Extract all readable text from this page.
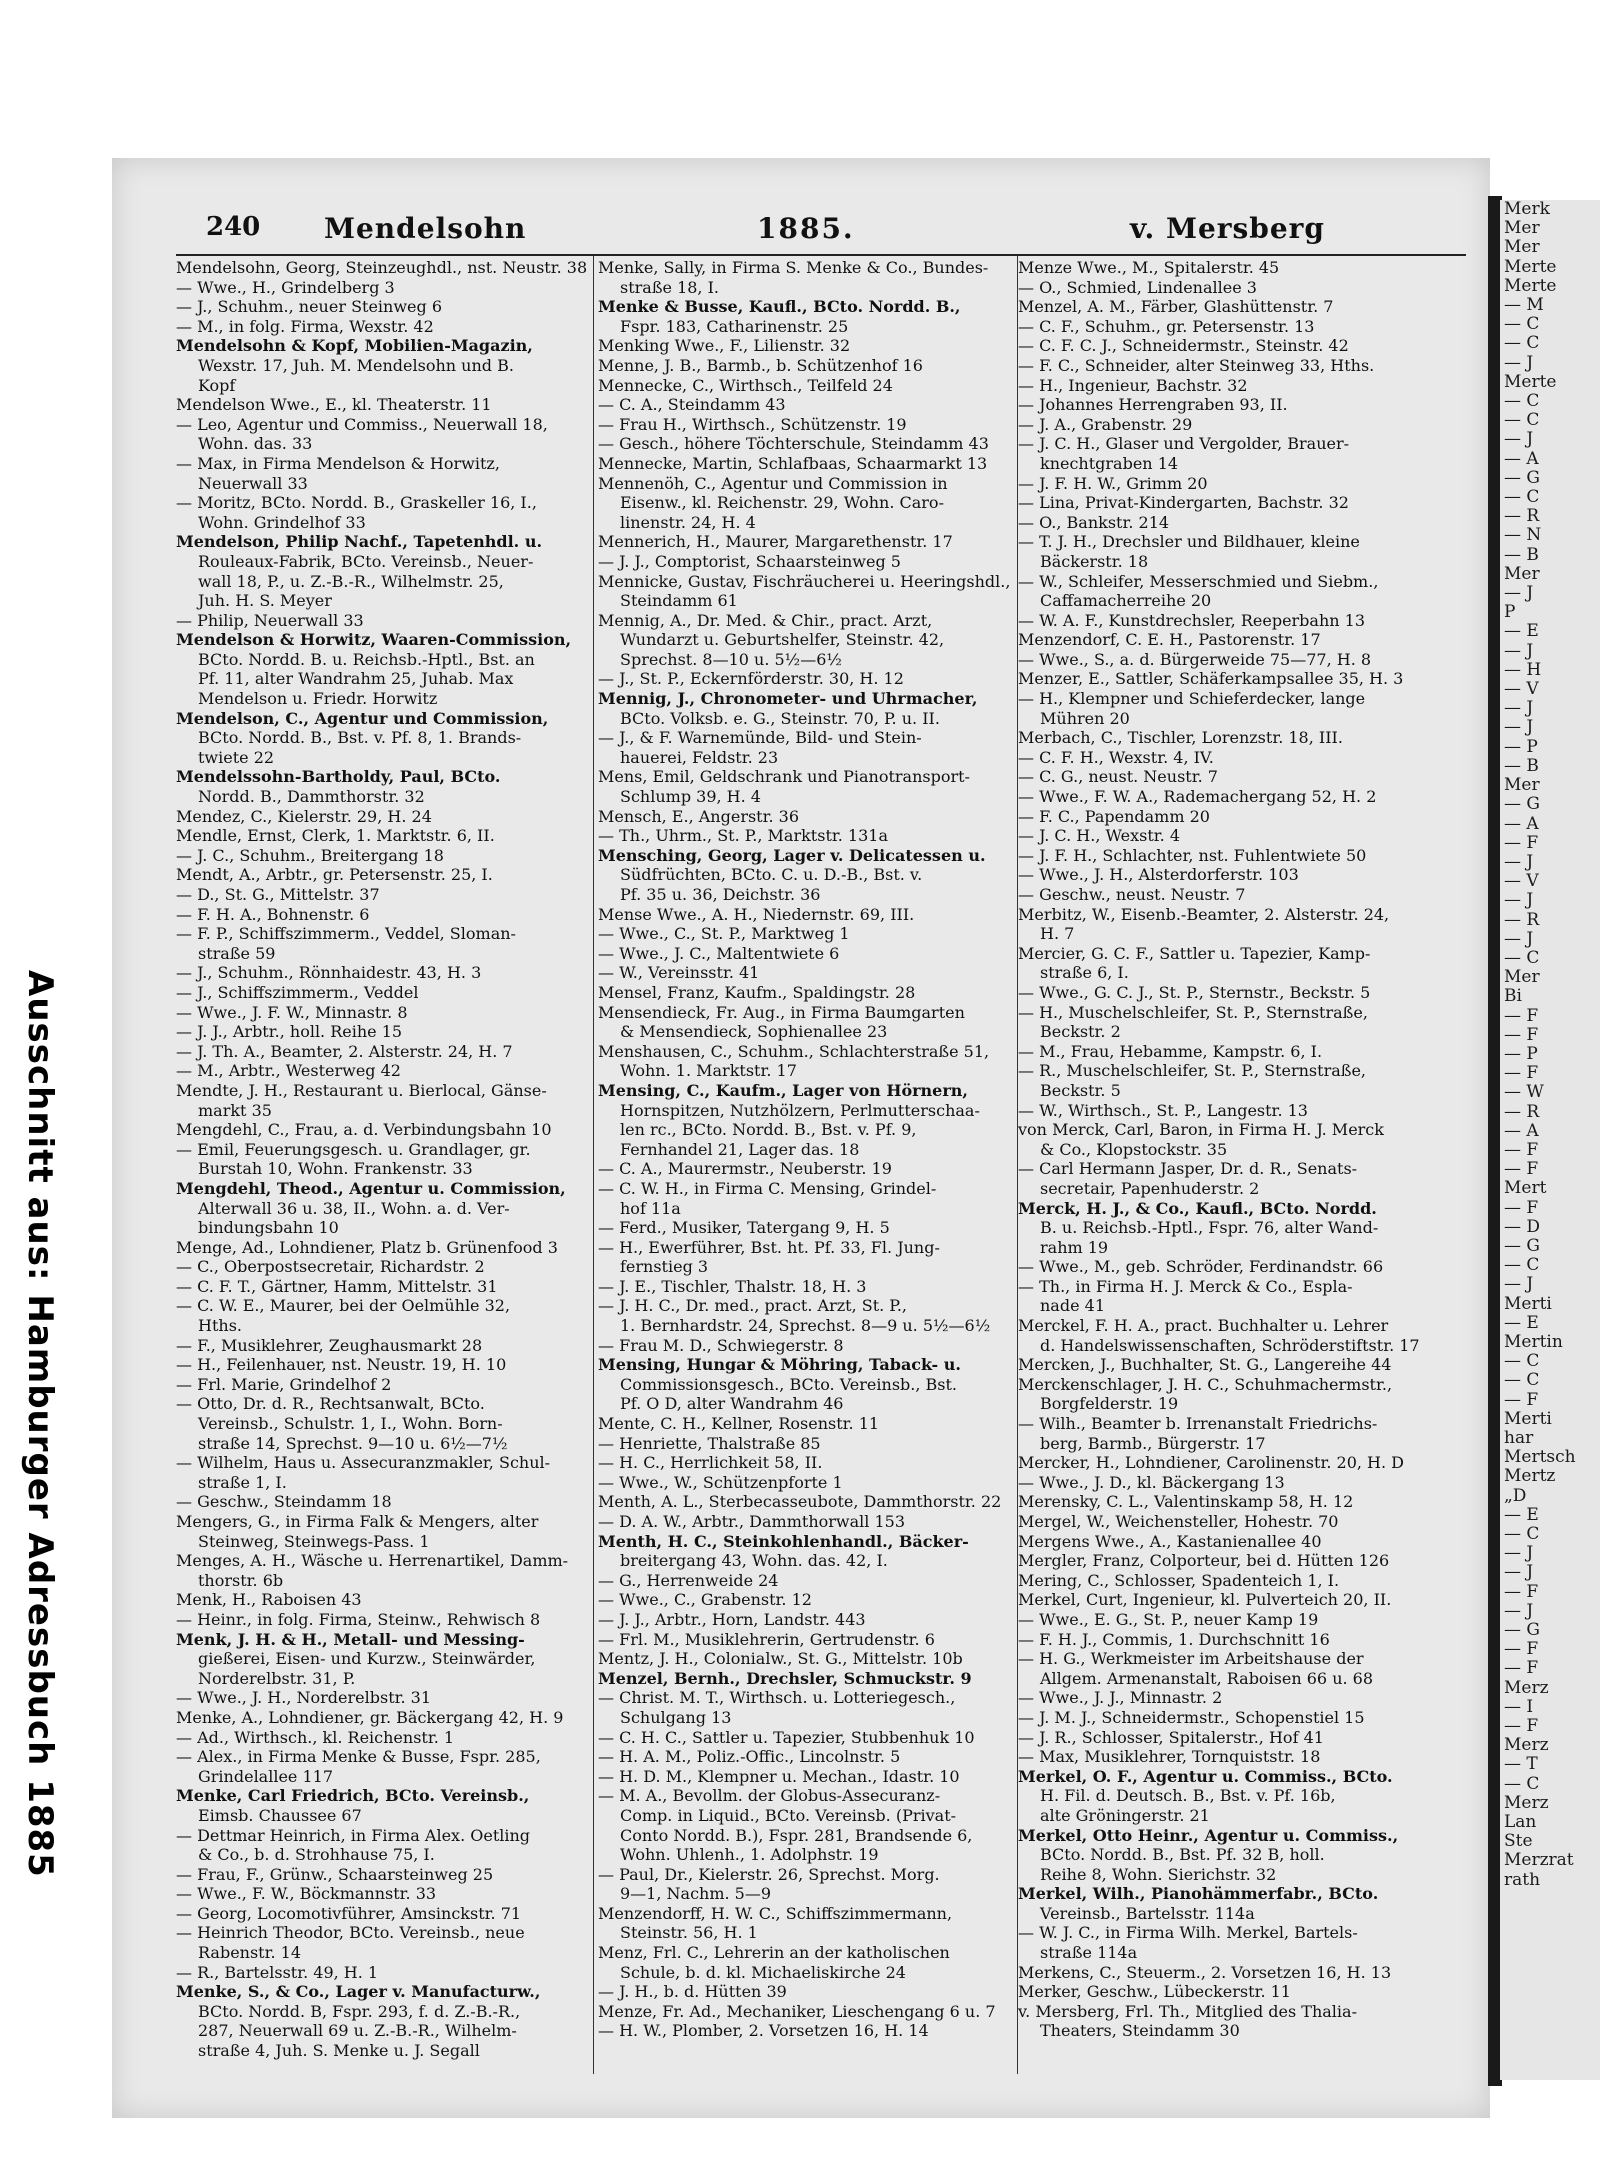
Ausschnitt aus: Hamburger Adressbuch 1885
Merk
Mer
Mer
Merte
Merte
— M
— C
— C
— J
Merte
— C
— C
— J
— A
— G
— C
— R
— N
— B
Mer
— J
P
— E
— J
— H
— V
— J
— J
— P
— B
Mer
— G
— A
— F
— J
— V
— J
— R
— J
— C
Mer
Bi
— F
— F
— P
— F
— W
— R
— A
— F
— F
Mert
— F
— D
— G
— C
— J
Merti
— E
Mertin
— C
— C
— F
Merti
har
Mertsch
Mertz
„D
— E
— C
— J
— J
— F
— J
— G
— F
— F
Merz
— I
— F
Merz
— T
— C
Merz
Lan
Ste
Merzrat
rath
240 Mendelsohn	1885.	v. Mersberg
Mendelsohn, Georg, Steinzeughdl., nst. Neustr. 38
— Wwe., H., Grindelberg 3
— J., Schuhm., neuer Steinweg 6
— M., in folg. Firma, Wexstr. 42
Mendelsohn & Kopf, Mobilien-Magazin,
Wexstr. 17, Juh. M. Mendelsohn und B.
Kopf
Mendelson Wwe., E., kl. Theaterstr. 11
— Leo, Agentur und Commiss., Neuerwall 18,
Wohn. das. 33
— Max, in Firma Mendelson & Horwitz,
Neuerwall 33
— Moritz, BCto. Nordd. B., Graskeller 16, I.,
Wohn. Grindelhof 33
Mendelson, Philip Nachf., Tapetenhdl. u.
Rouleaux-Fabrik, BCto. Vereinsb., Neuer-
wall 18, P., u. Z.-B.-R., Wilhelmstr. 25,
Juh. H. S. Meyer
— Philip, Neuerwall 33
Mendelson & Horwitz, Waaren-Commission,
BCto. Nordd. B. u. Reichsb.-Hptl., Bst. an
Pf. 11, alter Wandrahm 25, Juhab. Max
Mendelson u. Friedr. Horwitz
Mendelson, C., Agentur und Commission,
BCto. Nordd. B., Bst. v. Pf. 8, 1. Brands-
twiete 22
Mendelssohn-Bartholdy, Paul, BCto.
Nordd. B., Dammthorstr. 32
Mendez, C., Kielerstr. 29, H. 24
Mendle, Ernst, Clerk, 1. Marktstr. 6, II.
— J. C., Schuhm., Breitergang 18
Mendt, A., Arbtr., gr. Petersenstr. 25, I.
— D., St. G., Mittelstr. 37
— F. H. A., Bohnenstr. 6
— F. P., Schiffszimmerm., Veddel, Sloman-
straße 59
— J., Schuhm., Rönnhaidestr. 43, H. 3
— J., Schiffszimmerm., Veddel
— Wwe., J. F. W., Minnastr. 8
— J. J., Arbtr., holl. Reihe 15
— J. Th. A., Beamter, 2. Alsterstr. 24, H. 7
— M., Arbtr., Westerweg 42
Mendte, J. H., Restaurant u. Bierlocal, Gänse-
markt 35
Mengdehl, C., Frau, a. d. Verbindungsbahn 10
— Emil, Feuerungsgesch. u. Grandlager, gr.
Burstah 10, Wohn. Frankenstr. 33
Mengdehl, Theod., Agentur u. Commission,
Alterwall 36 u. 38, II., Wohn. a. d. Ver-
bindungsbahn 10
Menge, Ad., Lohndiener, Platz b. Grünenfood 3
— C., Oberpostsecretair, Richardstr. 2
— C. F. T., Gärtner, Hamm, Mittelstr. 31
— C. W. E., Maurer, bei der Oelmühle 32,
Hths.
— F., Musiklehrer, Zeughausmarkt 28
— H., Feilenhauer, nst. Neustr. 19, H. 10
— Frl. Marie, Grindelhof 2
— Otto, Dr. d. R., Rechtsanwalt, BCto.
Vereinsb., Schulstr. 1, I., Wohn. Born-
straße 14, Sprechst. 9—10 u. 6½—7½
— Wilhelm, Haus u. Assecuranzmakler, Schul-
straße 1, I.
— Geschw., Steindamm 18
Mengers, G., in Firma Falk & Mengers, alter
Steinweg, Steinwegs-Pass. 1
Menges, A. H., Wäsche u. Herrenartikel, Damm-
thorstr. 6b
Menk, H., Raboisen 43
— Heinr., in folg. Firma, Steinw., Rehwisch 8
Menk, J. H. & H., Metall- und Messing-
gießerei, Eisen- und Kurzw., Steinwärder,
Norderelbstr. 31, P.
— Wwe., J. H., Norderelbstr. 31
Menke, A., Lohndiener, gr. Bäckergang 42, H. 9
— Ad., Wirthsch., kl. Reichenstr. 1
— Alex., in Firma Menke & Busse, Fspr. 285,
Grindelallee 117
Menke, Carl Friedrich, BCto. Vereinsb.,
Eimsb. Chaussee 67
— Dettmar Heinrich, in Firma Alex. Oetling
& Co., b. d. Strohhause 75, I.
— Frau, F., Grünw., Schaarsteinweg 25
— Wwe., F. W., Böckmannstr. 33
— Georg, Locomotivführer, Amsinckstr. 71
— Heinrich Theodor, BCto. Vereinsb., neue
Rabenstr. 14
— R., Bartelsstr. 49, H. 1
Menke, S., & Co., Lager v. Manufacturw.,
BCto. Nordd. B, Fspr. 293, f. d. Z.-B.-R.,
287, Neuerwall 69 u. Z.-B.-R., Wilhelm-
straße 4, Juh. S. Menke u. J. Segall
Menke, Sally, in Firma S. Menke & Co., Bundes-
straße 18, I.
Menke & Busse, Kaufl., BCto. Nordd. B.,
Fspr. 183, Catharinenstr. 25
Menking Wwe., F., Lilienstr. 32
Menne, J. B., Barmb., b. Schützenhof 16
Mennecke, C., Wirthsch., Teilfeld 24
— C. A., Steindamm 43
— Frau H., Wirthsch., Schützenstr. 19
— Gesch., höhere Töchterschule, Steindamm 43
Mennecke, Martin, Schlafbaas, Schaarmarkt 13
Mennenöh, C., Agentur und Commission in
Eisenw., kl. Reichenstr. 29, Wohn. Caro-
linenstr. 24, H. 4
Mennerich, H., Maurer, Margarethenstr. 17
— J. J., Comptorist, Schaarsteinweg 5
Mennicke, Gustav, Fischräucherei u. Heeringshdl.,
Steindamm 61
Mennig, A., Dr. Med. & Chir., pract. Arzt,
Wundarzt u. Geburtshelfer, Steinstr. 42,
Sprechst. 8—10 u. 5½—6½
— J., St. P., Eckernförderstr. 30, H. 12
Mennig, J., Chronometer- und Uhrmacher,
BCto. Volksb. e. G., Steinstr. 70, P. u. II.
— J., & F. Warnemünde, Bild- und Stein-
hauerei, Feldstr. 23
Mens, Emil, Geldschrank und Pianotransport-
Schlump 39, H. 4
Mensch, E., Angerstr. 36
— Th., Uhrm., St. P., Marktstr. 131a
Mensching, Georg, Lager v. Delicatessen u.
Südfrüchten, BCto. C. u. D.-B., Bst. v.
Pf. 35 u. 36, Deichstr. 36
Mense Wwe., A. H., Niedernstr. 69, III.
— Wwe., C., St. P., Marktweg 1
— Wwe., J. C., Maltentwiete 6
— W., Vereinsstr. 41
Mensel, Franz, Kaufm., Spaldingstr. 28
Mensendieck, Fr. Aug., in Firma Baumgarten
& Mensendieck, Sophienallee 23
Menshausen, C., Schuhm., Schlachterstraße 51,
Wohn. 1. Marktstr. 17
Mensing, C., Kaufm., Lager von Hörnern,
Hornspitzen, Nutzhölzern, Perlmutterschaa-
len rc., BCto. Nordd. B., Bst. v. Pf. 9,
Fernhandel 21, Lager das. 18
— C. A., Maurermstr., Neuberstr. 19
— C. W. H., in Firma C. Mensing, Grindel-
hof 11a
— Ferd., Musiker, Tatergang 9, H. 5
— H., Ewerführer, Bst. ht. Pf. 33, Fl. Jung-
fernstieg 3
— J. E., Tischler, Thalstr. 18, H. 3
— J. H. C., Dr. med., pract. Arzt, St. P.,
1. Bernhardstr. 24, Sprechst. 8—9 u. 5½—6½
— Frau M. D., Schwiegerstr. 8
Mensing, Hungar & Möhring, Taback- u.
Commissionsgesch., BCto. Vereinsb., Bst.
Pf. O D, alter Wandrahm 46
Mente, C. H., Kellner, Rosenstr. 11
— Henriette, Thalstraße 85
— H. C., Herrlichkeit 58, II.
— Wwe., W., Schützenpforte 1
Menth, A. L., Sterbecasseubote, Dammthorstr. 22
— D. A. W., Arbtr., Dammthorwall 153
Menth, H. C., Steinkohlenhandl., Bäcker-
breitergang 43, Wohn. das. 42, I.
— G., Herrenweide 24
— Wwe., C., Grabenstr. 12
— J. J., Arbtr., Horn, Landstr. 443
— Frl. M., Musiklehrerin, Gertrudenstr. 6
Mentz, J. H., Colonialw., St. G., Mittelstr. 10b
Menzel, Bernh., Drechsler, Schmuckstr. 9
— Christ. M. T., Wirthsch. u. Lotteriegesch.,
Schulgang 13
— C. H. C., Sattler u. Tapezier, Stubbenhuk 10
— H. A. M., Poliz.-Offic., Lincolnstr. 5
— H. D. M., Klempner u. Mechan., Idastr. 10
— M. A., Bevollm. der Globus-Assecuranz-
Comp. in Liquid., BCto. Vereinsb. (Privat-
Conto Nordd. B.), Fspr. 281, Brandsende 6,
Wohn. Uhlenh., 1. Adolphstr. 19
— Paul, Dr., Kielerstr. 26, Sprechst. Morg.
9—1, Nachm. 5—9
Menzendorff, H. W. C., Schiffszimmermann,
Steinstr. 56, H. 1
Menz, Frl. C., Lehrerin an der katholischen
Schule, b. d. kl. Michaeliskirche 24
— J. H., b. d. Hütten 39
Menze, Fr. Ad., Mechaniker, Lieschengang 6 u. 7
— H. W., Plomber, 2. Vorsetzen 16, H. 14
Menze Wwe., M., Spitalerstr. 45
— O., Schmied, Lindenallee 3
Menzel, A. M., Färber, Glashüttenstr. 7
— C. F., Schuhm., gr. Petersenstr. 13
— C. F. C. J., Schneidermstr., Steinstr. 42
— F. C., Schneider, alter Steinweg 33, Hths.
— H., Ingenieur, Bachstr. 32
— Johannes Herrengraben 93, II.
— J. A., Grabenstr. 29
— J. C. H., Glaser und Vergolder, Brauer-
knechtgraben 14
— J. F. H. W., Grimm 20
— Lina, Privat-Kindergarten, Bachstr. 32
— O., Bankstr. 214
— T. J. H., Drechsler und Bildhauer, kleine
Bäckerstr. 18
— W., Schleifer, Messerschmied und Siebm.,
Caffamacherreihe 20
— W. A. F., Kunstdrechsler, Reeperbahn 13
Menzendorf, C. E. H., Pastorenstr. 17
— Wwe., S., a. d. Bürgerweide 75—77, H. 8
Menzer, E., Sattler, Schäferkampsallee 35, H. 3
— H., Klempner und Schieferdecker, lange
Mühren 20
Merbach, C., Tischler, Lorenzstr. 18, III.
— C. F. H., Wexstr. 4, IV.
— C. G., neust. Neustr. 7
— Wwe., F. W. A., Rademachergang 52, H. 2
— F. C., Papendamm 20
— J. C. H., Wexstr. 4
— J. F. H., Schlachter, nst. Fuhlentwiete 50
— Wwe., J. H., Alsterdorferstr. 103
— Geschw., neust. Neustr. 7
Merbitz, W., Eisenb.-Beamter, 2. Alsterstr. 24,
H. 7
Mercier, G. C. F., Sattler u. Tapezier, Kamp-
straße 6, I.
— Wwe., G. C. J., St. P., Sternstr., Beckstr. 5
— H., Muschelschleifer, St. P., Sternstraße,
Beckstr. 2
— M., Frau, Hebamme, Kampstr. 6, I.
— R., Muschelschleifer, St. P., Sternstraße,
Beckstr. 5
— W., Wirthsch., St. P., Langestr. 13
von Merck, Carl, Baron, in Firma H. J. Merck
& Co., Klopstockstr. 35
— Carl Hermann Jasper, Dr. d. R., Senats-
secretair, Papenhuderstr. 2
Merck, H. J., & Co., Kaufl., BCto. Nordd.
B. u. Reichsb.-Hptl., Fspr. 76, alter Wand-
rahm 19
— Wwe., M., geb. Schröder, Ferdinandstr. 66
— Th., in Firma H. J. Merck & Co., Espla-
nade 41
Merckel, F. H. A., pract. Buchhalter u. Lehrer
d. Handelswissenschaften, Schröderstiftstr. 17
Mercken, J., Buchhalter, St. G., Langereihe 44
Merckenschlager, J. H. C., Schuhmachermstr.,
Borgfelderstr. 19
— Wilh., Beamter b. Irrenanstalt Friedrichs-
berg, Barmb., Bürgerstr. 17
Mercker, H., Lohndiener, Carolinenstr. 20, H. D
— Wwe., J. D., kl. Bäckergang 13
Merensky, C. L., Valentinskamp 58, H. 12
Mergel, W., Weichensteller, Hohestr. 70
Mergens Wwe., A., Kastanienallee 40
Mergler, Franz, Colporteur, bei d. Hütten 126
Mering, C., Schlosser, Spadenteich 1, I.
Merkel, Curt, Ingenieur, kl. Pulverteich 20, II.
— Wwe., E. G., St. P., neuer Kamp 19
— F. H. J., Commis, 1. Durchschnitt 16
— H. G., Werkmeister im Arbeitshause der
Allgem. Armenanstalt, Raboisen 66 u. 68
— Wwe., J. J., Minnastr. 2
— J. M. J., Schneidermstr., Schopenstiel 15
— J. R., Schlosser, Spitalerstr., Hof 41
— Max, Musiklehrer, Tornquiststr. 18
Merkel, O. F., Agentur u. Commiss., BCto.
H. Fil. d. Deutsch. B., Bst. v. Pf. 16b,
alte Gröningerstr. 21
Merkel, Otto Heinr., Agentur u. Commiss.,
BCto. Nordd. B., Bst. Pf. 32 B, holl.
Reihe 8, Wohn. Sierichstr. 32
Merkel, Wilh., Pianohämmerfabr., BCto.
Vereinsb., Bartelsstr. 114a
— W. J. C., in Firma Wilh. Merkel, Bartels-
straße 114a
Merkens, C., Steuerm., 2. Vorsetzen 16, H. 13
Merker, Geschw., Lübeckerstr. 11
v. Mersberg, Frl. Th., Mitglied des Thalia-
Theaters, Steindamm 30
